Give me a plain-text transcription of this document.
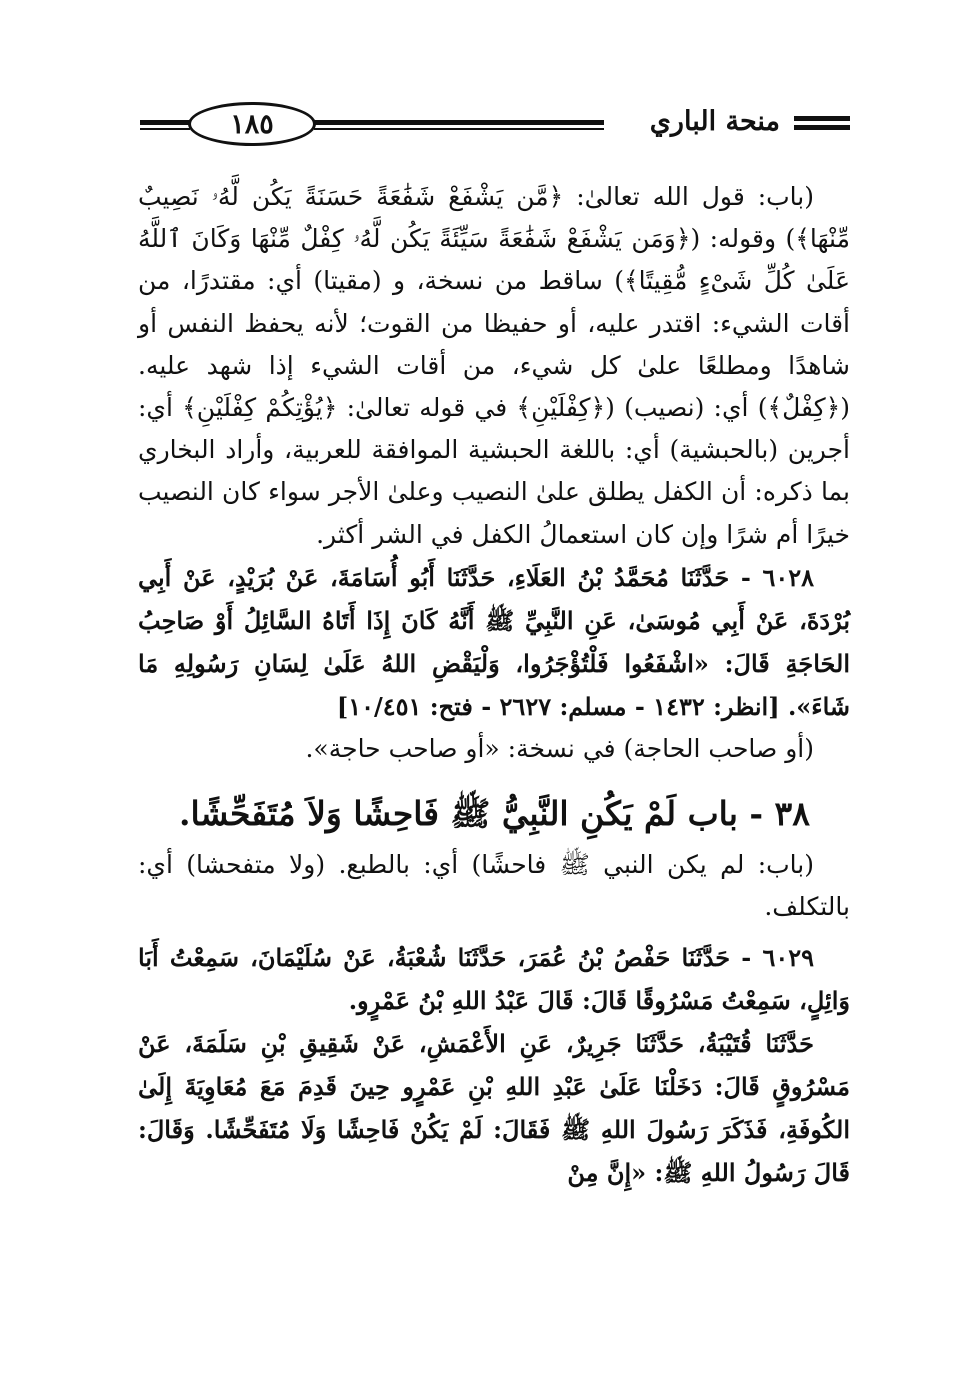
١٨٥	منحة الباري

(باب: قول الله تعالىٰ: ﴿مَّن يَشْفَعْ شَفَٰعَةً حَسَنَةً يَكُن لَّهُۥ نَصِيبٌ مِّنْهَا﴾) وقوله: (﴿وَمَن يَشْفَعْ شَفَٰعَةً سَيِّئَةً يَكُن لَّهُۥ كِفْلٌ مِّنْهَا وَكَانَ ٱللَّهُ عَلَىٰ كُلِّ شَىْءٍ مُّقِيتًا﴾) ساقط من نسخة، و (مقيتا) أي: مقتدرًا، من أقات الشيء: اقتدر عليه، أو حفيظا من القوت؛ لأنه يحفظ النفس أو شاهدًا ومطلعًا علىٰ كل شيء، من أقات الشيء إذا شهد عليه. (﴿كِفْلٌ﴾) أي: (نصيب) (﴿كِفْلَيْنِ﴾ في قوله تعالىٰ: ﴿يُؤْتِكُمْ كِفْلَيْنِ﴾ أي: أجرين (بالحبشية) أي: باللغة الحبشية الموافقة للعربية، وأراد البخاري بما ذكره: أن الكفل يطلق علىٰ النصيب وعلىٰ الأجر سواء كان النصيب خيرًا أم شرًا وإن كان استعمالُ الكفل في الشر أكثر.

٦٠٢٨ - حَدَّثَنَا مُحَمَّدُ بْنُ العَلَاءِ، حَدَّثَنَا أَبُو أُسَامَةَ، عَنْ بُرَيْدٍ، عَنْ أَبِي بُرْدَةَ، عَنْ أَبِي مُوسَىٰ، عَنِ النَّبِيِّ ﷺ أَنَّهُ كَانَ إِذَا أَتَاهُ السَّائِلُ أَوْ صَاحِبُ الحَاجَةِ قَالَ: «اشْفَعُوا فَلْتُؤْجَرُوا، وَلْيَقْضِ اللهُ عَلَىٰ لِسَانِ رَسُولِهِ مَا شَاءَ». [انظر: ١٤٣٢ - مسلم: ٢٦٢٧ - فتح: ١٠/٤٥١]

(أو صاحب الحاجة) في نسخة: «أو صاحب حاجة».

٣٨ - باب لَمْ يَكُنِ النَّبِيُّ ﷺ فَاحِشًا وَلاَ مُتَفَحِّشًا.

(باب: لم يكن النبي ﷺ فاحشًا) أي: بالطبع. (ولا متفحشا) أي: بالتكلف.

٦٠٢٩ - حَدَّثَنَا حَفْصُ بْنُ عُمَرَ، حَدَّثَنَا شُعْبَةُ، عَنْ سُلَيْمَانَ، سَمِعْتُ أَبَا وَائِلٍ، سَمِعْتُ مَسْرُوقًا قَالَ: قَالَ عَبْدُ اللهِ بْنُ عَمْرٍو.

حَدَّثَنَا قُتَيْبَةُ، حَدَّثَنَا جَرِيرٌ، عَنِ الأَعْمَشِ، عَنْ شَقِيقِ بْنِ سَلَمَةَ، عَنْ مَسْرُوقٍ قَالَ: دَخَلْنَا عَلَىٰ عَبْدِ اللهِ بْنِ عَمْرٍو حِينَ قَدِمَ مَعَ مُعَاوِيَةَ إِلَىٰ الكُوفَةِ، فَذَكَرَ رَسُولَ اللهِ ﷺ فَقَالَ: لَمْ يَكُنْ فَاحِشًا وَلَا مُتَفَحِّشًا. وَقَالَ: قَالَ رَسُولُ اللهِ ﷺ: «إِنَّ مِنْ
